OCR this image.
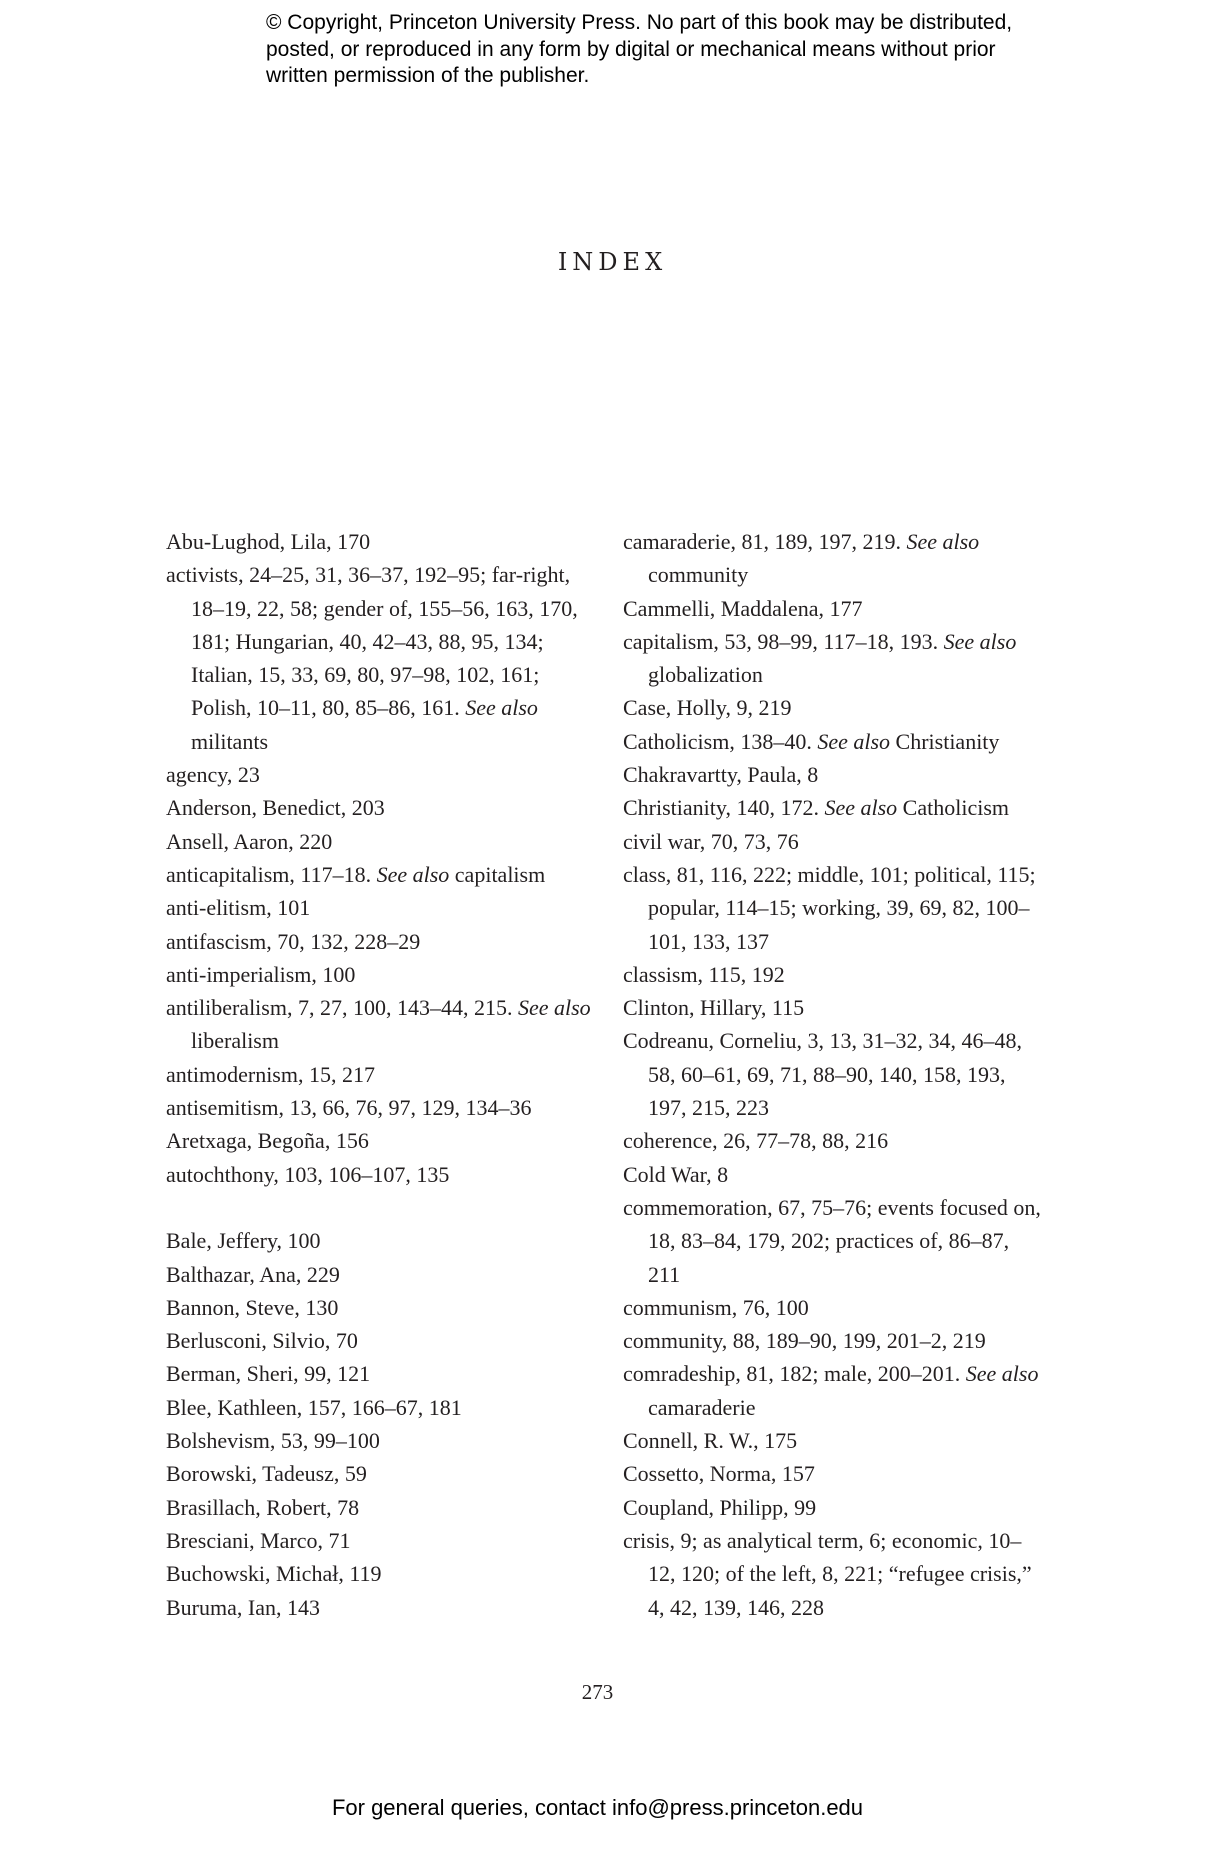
© Copyright, Princeton University Press. No part of this book may be distributed, posted, or reproduced in any form by digital or mechanical means without prior written permission of the publisher.
INDEX

Abu-Lughod, Lila, 170

activists, 24–25, 31, 36–37, 192–95; far-right, 18–19, 22, 58; gender of, 155–56, 163, 170, 181; Hungarian, 40, 42–43, 88, 95, 134; Italian, 15, 33, 69, 80, 97–98, 102, 161; Polish, 10–11, 80, 85–86, 161. See also militants

agency, 23

Anderson, Benedict, 203

Ansell, Aaron, 220

anticapitalism, 117–18. See also capitalism

anti-elitism, 101

antifascism, 70, 132, 228–29

anti-imperialism, 100

antiliberalism, 7, 27, 100, 143–44, 215. See also liberalism

antimodernism, 15, 217

antisemitism, 13, 66, 76, 97, 129, 134–36

Aretxaga, Begoña, 156

autochthony, 103, 106–107, 135

Bale, Jeffery, 100

Balthazar, Ana, 229

Bannon, Steve, 130

Berlusconi, Silvio, 70

Berman, Sheri, 99, 121

Blee, Kathleen, 157, 166–67, 181

Bolshevism, 53, 99–100

Borowski, Tadeusz, 59

Brasillach, Robert, 78

Bresciani, Marco, 71

Buchowski, Michał, 119

Buruma, Ian, 143

camaraderie, 81, 189, 197, 219. See also community

Cammelli, Maddalena, 177

capitalism, 53, 98–99, 117–18, 193. See also globalization

Case, Holly, 9, 219

Catholicism, 138–40. See also Christianity

Chakravartty, Paula, 8

Christianity, 140, 172. See also Catholicism

civil war, 70, 73, 76

class, 81, 116, 222; middle, 101; political, 115; popular, 114–15; working, 39, 69, 82, 100–101, 133, 137

classism, 115, 192

Clinton, Hillary, 115

Codreanu, Corneliu, 3, 13, 31–32, 34, 46–48, 58, 60–61, 69, 71, 88–90, 140, 158, 193, 197, 215, 223

coherence, 26, 77–78, 88, 216

Cold War, 8

commemoration, 67, 75–76; events focused on, 18, 83–84, 179, 202; practices of, 86–87, 211

communism, 76, 100

community, 88, 189–90, 199, 201–2, 219

comradeship, 81, 182; male, 200–201. See also camaraderie

Connell, R. W., 175

Cossetto, Norma, 157

Coupland, Philipp, 99

crisis, 9; as analytical term, 6; economic, 10–12, 120; of the left, 8, 221; “refugee crisis,” 4, 42, 139, 146, 228

273
For general queries, contact info@press.princeton.edu
